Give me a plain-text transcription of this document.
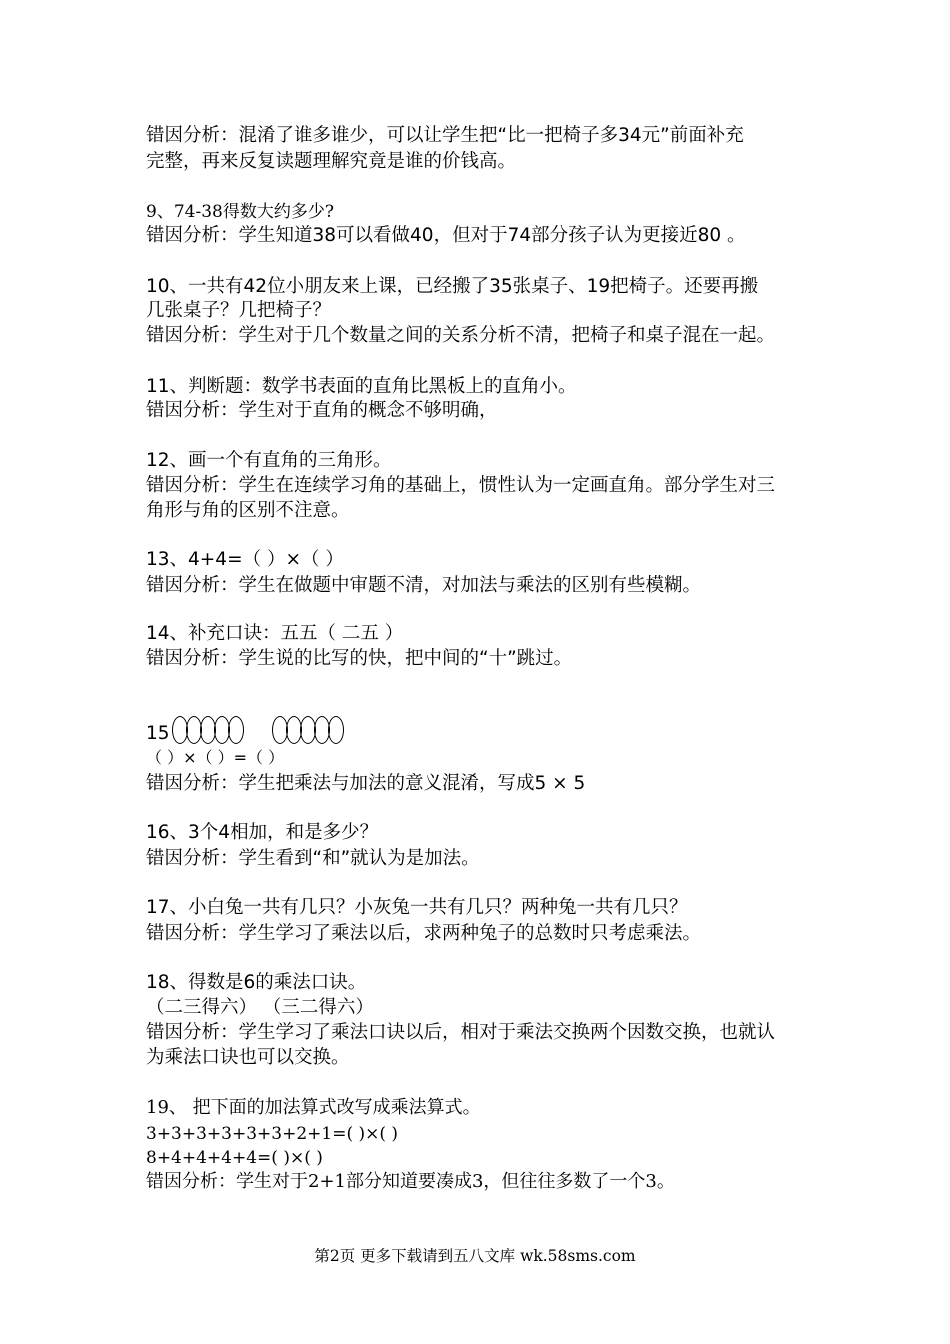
错因分析：混淆了谁多谁少，可以让学生把“比一把椅子多34元”前面补充
完整，再来反复读题理解究竟是谁的价钱高。
9、74-38得数大约多少?
错因分析：学生知道38可以看做40，但对于74部分孩子认为更接近80 。
10、一共有42位小朋友来上课，已经搬了35张桌子、19把椅子。还要再搬
几张桌子？几把椅子？
错因分析：学生对于几个数量之间的关系分析不清，把椅子和桌子混在一起。
11、判断题：数学书表面的直角比黑板上的直角小。
错因分析：学生对于直角的概念不够明确，
12、画一个有直角的三角形。
错因分析：学生在连续学习角的基础上，惯性认为一定画直角。部分学生对三
角形与角的区别不注意。
13、4+4=（ ）×（ ）
错因分析：学生在做题中审题不清，对加法与乘法的区别有些模糊。
14、补充口诀：五五（ 二五 ）
错因分析：学生说的比写的快，把中间的“十”跳过。
15
（ ）×（ ）=（ ）
错因分析：学生把乘法与加法的意义混淆，写成5 × 5
16、3个4相加，和是多少？
错因分析：学生看到“和”就认为是加法。
17、小白兔一共有几只？小灰兔一共有几只？两种兔一共有几只？
错因分析：学生学习了乘法以后，求两种兔子的总数时只考虑乘法。
18、得数是6的乘法口诀。
（二三得六） （三二得六）
错因分析：学生学习了乘法口诀以后，相对于乘法交换两个因数交换，也就认
为乘法口诀也可以交换。
19、 把下面的加法算式改写成乘法算式。
3+3+3+3+3+3+2+1=( )×( )
8+4+4+4+4=( )×( )
错因分析：学生对于2+1部分知道要凑成3，但往往多数了一个3。
第2页 更多下载请到五八文库 wk.58sms.com
